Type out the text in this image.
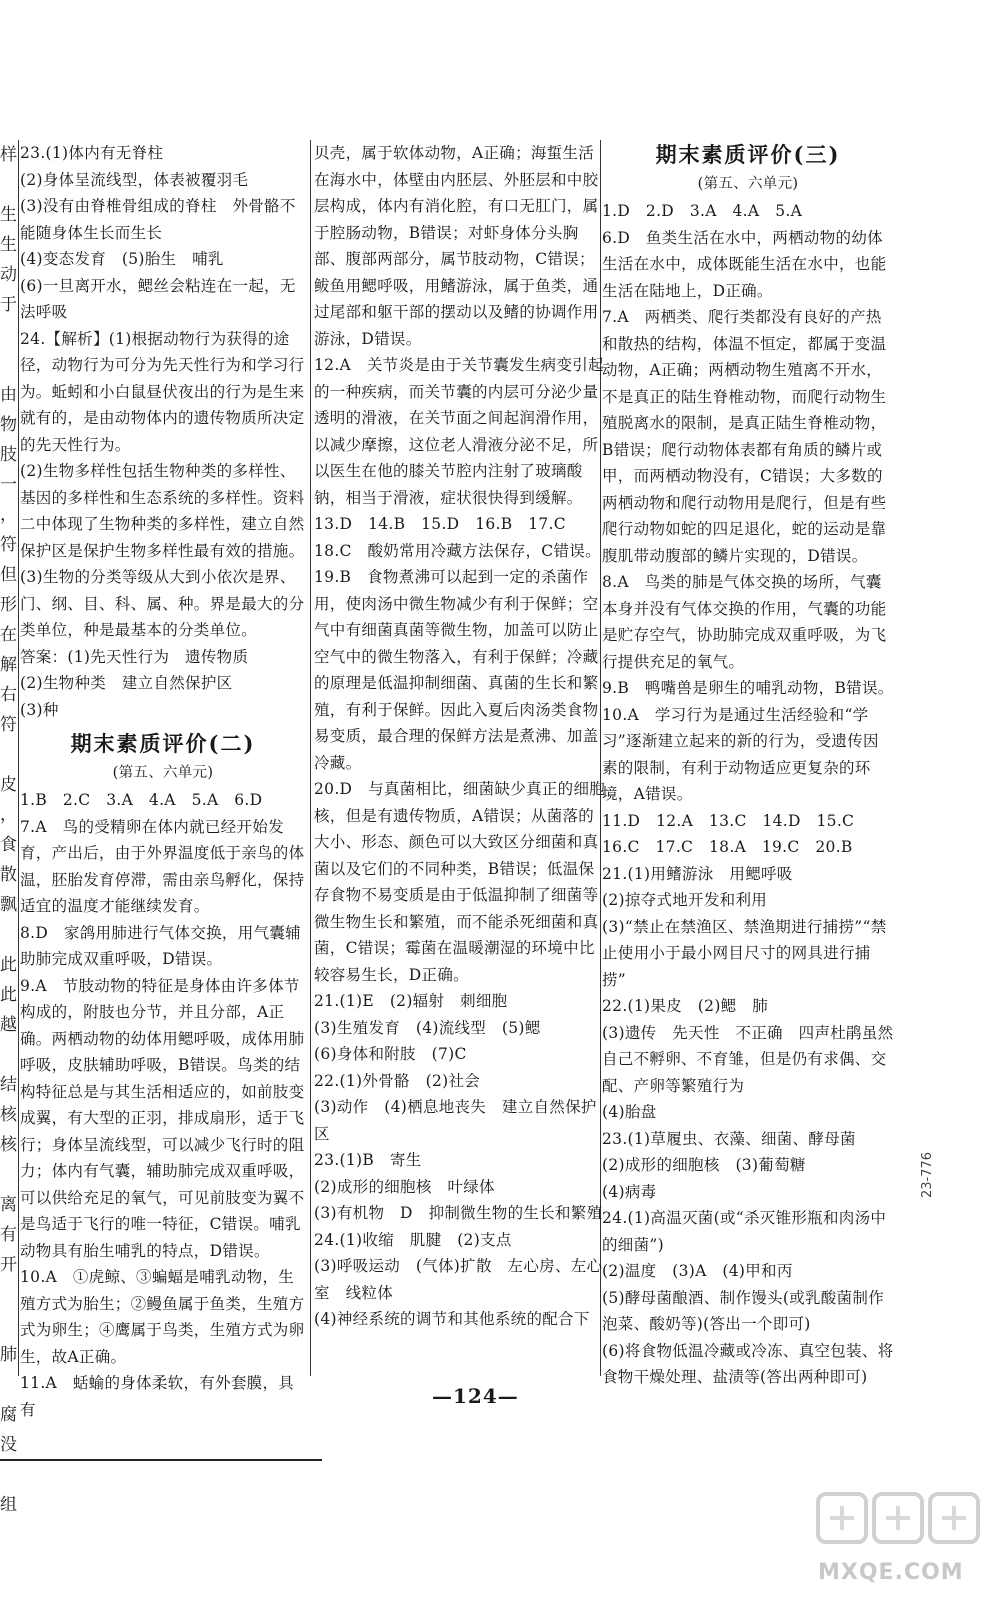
样
生
生
动
于
由
物
肢
一
，
符
但
形
在
解
右
符
皮
，
食
散
飘
此
此
越
结
核
核
离
有
开
肺
腐
没
组
23.(1)体内有无脊柱
(2)身体呈流线型，体表被覆羽毛
(3)没有由脊椎骨组成的脊柱　外骨骼不能随身体生长而生长
(4)变态发育　(5)胎生　哺乳
(6)一旦离开水，鳃丝会粘连在一起，无法呼吸
24.【解析】(1)根据动物行为获得的途径，动物行为可分为先天性行为和学习行为。蚯蚓和小白鼠昼伏夜出的行为是生来就有的，是由动物体内的遗传物质所决定的先天性行为。
(2)生物多样性包括生物种类的多样性、基因的多样性和生态系统的多样性。资料二中体现了生物种类的多样性，建立自然保护区是保护生物多样性最有效的措施。
(3)生物的分类等级从大到小依次是界、门、纲、目、科、属、种。界是最大的分类单位，种是最基本的分类单位。
答案：(1)先天性行为　遗传物质
(2)生物种类　建立自然保护区
(3)种
期末素质评价(二)
(第五、六单元)
1.B　2.C　3.A　4.A　5.A　6.D
7.A　鸟的受精卵在体内就已经开始发育，产出后，由于外界温度低于亲鸟的体温，胚胎发育停滞，需由亲鸟孵化，保持适宜的温度才能继续发育。
8.D　家鸽用肺进行气体交换，用气囊辅助肺完成双重呼吸，D错误。
9.A　节肢动物的特征是身体由许多体节构成的，附肢也分节，并且分部，A正确。两栖动物的幼体用鳃呼吸，成体用肺呼吸，皮肤辅助呼吸，B错误。鸟类的结构特征总是与其生活相适应的，如前肢变成翼，有大型的正羽，排成扇形，适于飞行；身体呈流线型，可以减少飞行时的阻力；体内有气囊，辅助肺完成双重呼吸，可以供给充足的氧气，可见前肢变为翼不是鸟适于飞行的唯一特征，C错误。哺乳动物具有胎生哺乳的特点，D错误。
10.A　①虎鲸、③蝙蝠是哺乳动物，生殖方式为胎生；②鳗鱼属于鱼类，生殖方式为卵生；④鹰属于鸟类，生殖方式为卵生，故A正确。
11.A　蛞蝓的身体柔软，有外套膜，具有
贝壳，属于软体动物，A正确；海蜇生活在海水中，体壁由内胚层、外胚层和中胶层构成，体内有消化腔，有口无肛门，属于腔肠动物，B错误；对虾身体分头胸部、腹部两部分，属节肢动物，C错误；鲅鱼用鳃呼吸，用鳍游泳，属于鱼类，通过尾部和躯干部的摆动以及鳍的协调作用游泳，D错误。
12.A　关节炎是由于关节囊发生病变引起的一种疾病，而关节囊的内层可分泌少量透明的滑液，在关节面之间起润滑作用，以减少摩擦，这位老人滑液分泌不足，所以医生在他的膝关节腔内注射了玻璃酸钠，相当于滑液，症状很快得到缓解。
13.D　14.B　15.D　16.B　17.C
18.C　酸奶常用冷藏方法保存，C错误。
19.B　食物煮沸可以起到一定的杀菌作用，使肉汤中微生物减少有利于保鲜；空气中有细菌真菌等微生物，加盖可以防止空气中的微生物落入，有利于保鲜；冷藏的原理是低温抑制细菌、真菌的生长和繁殖，有利于保鲜。因此入夏后肉汤类食物易变质，最合理的保鲜方法是煮沸、加盖冷藏。
20.D　与真菌相比，细菌缺少真正的细胞核，但是有遗传物质，A错误；从菌落的大小、形态、颜色可以大致区分细菌和真菌以及它们的不同种类，B错误；低温保存食物不易变质是由于低温抑制了细菌等微生物生长和繁殖，而不能杀死细菌和真菌，C错误；霉菌在温暖潮湿的环境中比较容易生长，D正确。
21.(1)E　(2)辐射　刺细胞
(3)生殖发育　(4)流线型　(5)鳃
(6)身体和附肢　(7)C
22.(1)外骨骼　(2)社会
(3)动作　(4)栖息地丧失　建立自然保护区
23.(1)B　寄生
(2)成形的细胞核　叶绿体
(3)有机物　D　抑制微生物的生长和繁殖
24.(1)收缩　肌腱　(2)支点
(3)呼吸运动　(气体)扩散　左心房、左心室　线粒体
(4)神经系统的调节和其他系统的配合下
期末素质评价(三)
(第五、六单元)
1.D　2.D　3.A　4.A　5.A
6.D　鱼类生活在水中，两栖动物的幼体生活在水中，成体既能生活在水中，也能生活在陆地上，D正确。
7.A　两栖类、爬行类都没有良好的产热和散热的结构，体温不恒定，都属于变温动物，A正确；两栖动物生殖离不开水，不是真正的陆生脊椎动物，而爬行动物生殖脱离水的限制，是真正陆生脊椎动物，B错误；爬行动物体表都有角质的鳞片或甲，而两栖动物没有，C错误；大多数的两栖动物和爬行动物用是爬行，但是有些爬行动物如蛇的四足退化，蛇的运动是靠腹肌带动腹部的鳞片实现的，D错误。
8.A　鸟类的肺是气体交换的场所，气囊本身并没有气体交换的作用，气囊的功能是贮存空气，协助肺完成双重呼吸，为飞行提供充足的氧气。
9.B　鸭嘴兽是卵生的哺乳动物，B错误。
10.A　学习行为是通过生活经验和“学习”逐渐建立起来的新的行为，受遗传因素的限制，有利于动物适应更复杂的环境，A错误。
11.D　12.A　13.C　14.D　15.C
16.C　17.C　18.A　19.C　20.B
21.(1)用鳍游泳　用鳃呼吸
(2)掠夺式地开发和利用
(3)“禁止在禁渔区、禁渔期进行捕捞”“禁止使用小于最小网目尺寸的网具进行捕捞”
22.(1)果皮　(2)鳃　肺
(3)遗传　先天性　不正确　四声杜鹃虽然自己不孵卵、不育雏，但是仍有求偶、交配、产卵等繁殖行为
(4)胎盘
23.(1)草履虫、衣藻、细菌、酵母菌
(2)成形的细胞核　(3)葡萄糖
(4)病毒
24.(1)高温灭菌(或“杀灭锥形瓶和肉汤中的细菌”)
(2)温度　(3)A　(4)甲和丙
(5)酵母菌酿酒、制作馒头(或乳酸菌制作泡菜、酸奶等)(答出一个即可)
(6)将食物低温冷藏或冷冻、真空包装、将食物干燥处理、盐渍等(答出两种即可)
—124—
23-776
MXQE.COM
